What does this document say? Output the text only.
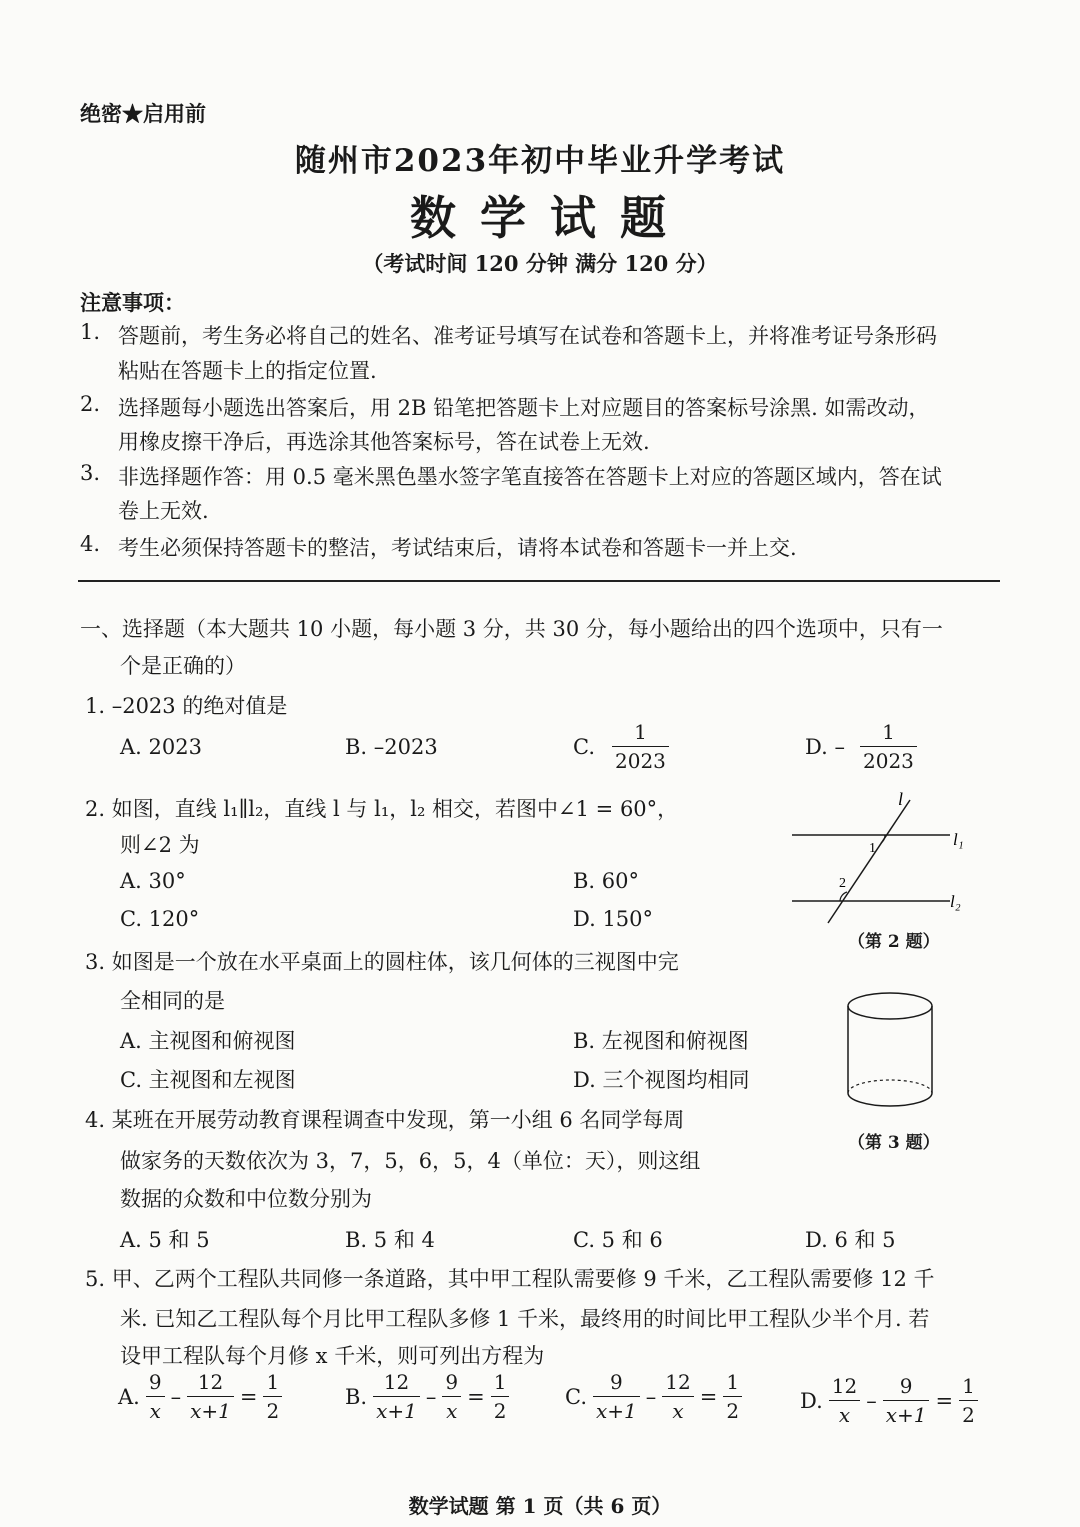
绝密★启用前
随州市2023年初中毕业升学考试
数 学 试 题
（考试时间 120 分钟 满分 120 分）
注意事项：
1. 答题前，考生务必将自己的姓名、准考证号填写在试卷和答题卡上，并将准考证号条形码
粘贴在答题卡上的指定位置.
2. 选择题每小题选出答案后，用 2B 铅笔把答题卡上对应题目的答案标号涂黑. 如需改动，
用橡皮擦干净后，再选涂其他答案标号，答在试卷上无效.
3. 非选择题作答：用 0.5 毫米黑色墨水签字笔直接答在答题卡上对应的答题区域内，答在试
卷上无效.
4. 考生必须保持答题卡的整洁，考试结束后，请将本试卷和答题卡一并上交.
一、选择题（本大题共 10 小题，每小题 3 分，共 30 分，每小题给出的四个选项中，只有一
个是正确的）
1. –2023 的绝对值是
A. 2023	B. –2023	C.
1
2023
D. –
1
2023
2. 如图，直线 l₁∥l₂，直线 l 与 l₁，l₂ 相交，若图中∠1 = 60°，
则∠2 为
A. 30°	B. 60°
C. 120°	D. 150°
l
l₁
l₂
1
2
（第 2 题）
3. 如图是一个放在水平桌面上的圆柱体，该几何体的三视图中完
全相同的是
A. 主视图和俯视图	B. 左视图和俯视图
C. 主视图和左视图	D. 三个视图均相同
（第 3 题）
4. 某班在开展劳动教育课程调查中发现，第一小组 6 名同学每周
做家务的天数依次为 3，7，5，6，5，4（单位：天），则这组
数据的众数和中位数分别为
A. 5 和 5	B. 5 和 4	C. 5 和 6	D. 6 和 5
5. 甲、乙两个工程队共同修一条道路，其中甲工程队需要修 9 千米，乙工程队需要修 12 千
米. 已知乙工程队每个月比甲工程队多修 1 千米，最终用的时间比甲工程队少半个月. 若
设甲工程队每个月修 x 千米，则可列出方程为
A. $\frac{9}{x} - \frac{12}{x+1} = \frac{1}{2}$	B. $\frac{12}{x+1} - \frac{9}{x} = \frac{1}{2}$	C. $\frac{9}{x+1} - \frac{12}{x} = \frac{1}{2}$	D. $\frac{12}{x} - \frac{9}{x+1} = \frac{1}{2}$
数学试题 第 1 页（共 6 页）
